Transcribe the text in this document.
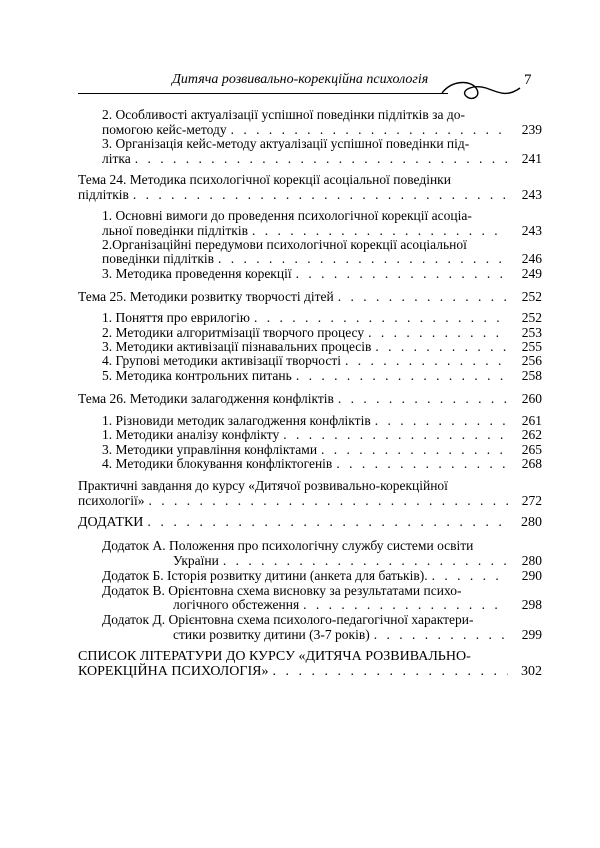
Дитяча розвивально-корекційна психологія	7
2. Особливості актуалізації успішної поведінки підлітків за до-
помогою кейс-методу . . .	239
3. Організація кейс-методу актуалізації успішної поведінки під-
літка . . .	241
Тема 24. Методика психологічної корекції асоціальної поведінки
підлітків . . .	243
1. Основні вимоги до проведення психологічної корекції асоціа-
льної поведінки підлітків . . .	243
2.Організаційні передумови психологічної корекції асоціальної
поведінки підлітків . . .	246
3. Методика проведення корекції . . .	249
Тема 25. Методики розвитку творчості дітей . . .	252
1. Поняття про еврилогію . . .	252
2. Методики алгоритмізації творчого процесу . . .	253
3. Методики активізації пізнавальних процесів . . .	255
4. Групові методики активізації творчості . . .	256
5. Методика контрольних питань . . .	258
Тема 26. Методики залагодження конфліктів . . .	260
1. Різновиди методик залагодження конфліктів . . .	261
1. Методики аналізу конфлікту . . .	262
3. Методики управління конфліктами . . .	265
4. Методики блокування конфліктогенів . . .	268
Практичні завдання до курсу «Дитячої розвивально-корекційної
психології» . . .	272
ДОДАТКИ . . .	280
Додаток А. Положення про психологічну службу системи освіти
України . . .	280
Додаток Б. Історія розвитку дитини (анкета для батьків). . . .	290
Додаток В. Орієнтовна схема висновку за результатами психо-
логічного обстеження . . .	298
Додаток Д. Орієнтовна схема психолого-педагогічної характери-
стики розвитку дитини (3-7 років) . . .	299
СПИСОК ЛІТЕРАТУРИ ДО КУРСУ «ДИТЯЧА РОЗВИВАЛЬНО-
КОРЕКЦІЙНА ПСИХОЛОГІЯ» . . .	302
